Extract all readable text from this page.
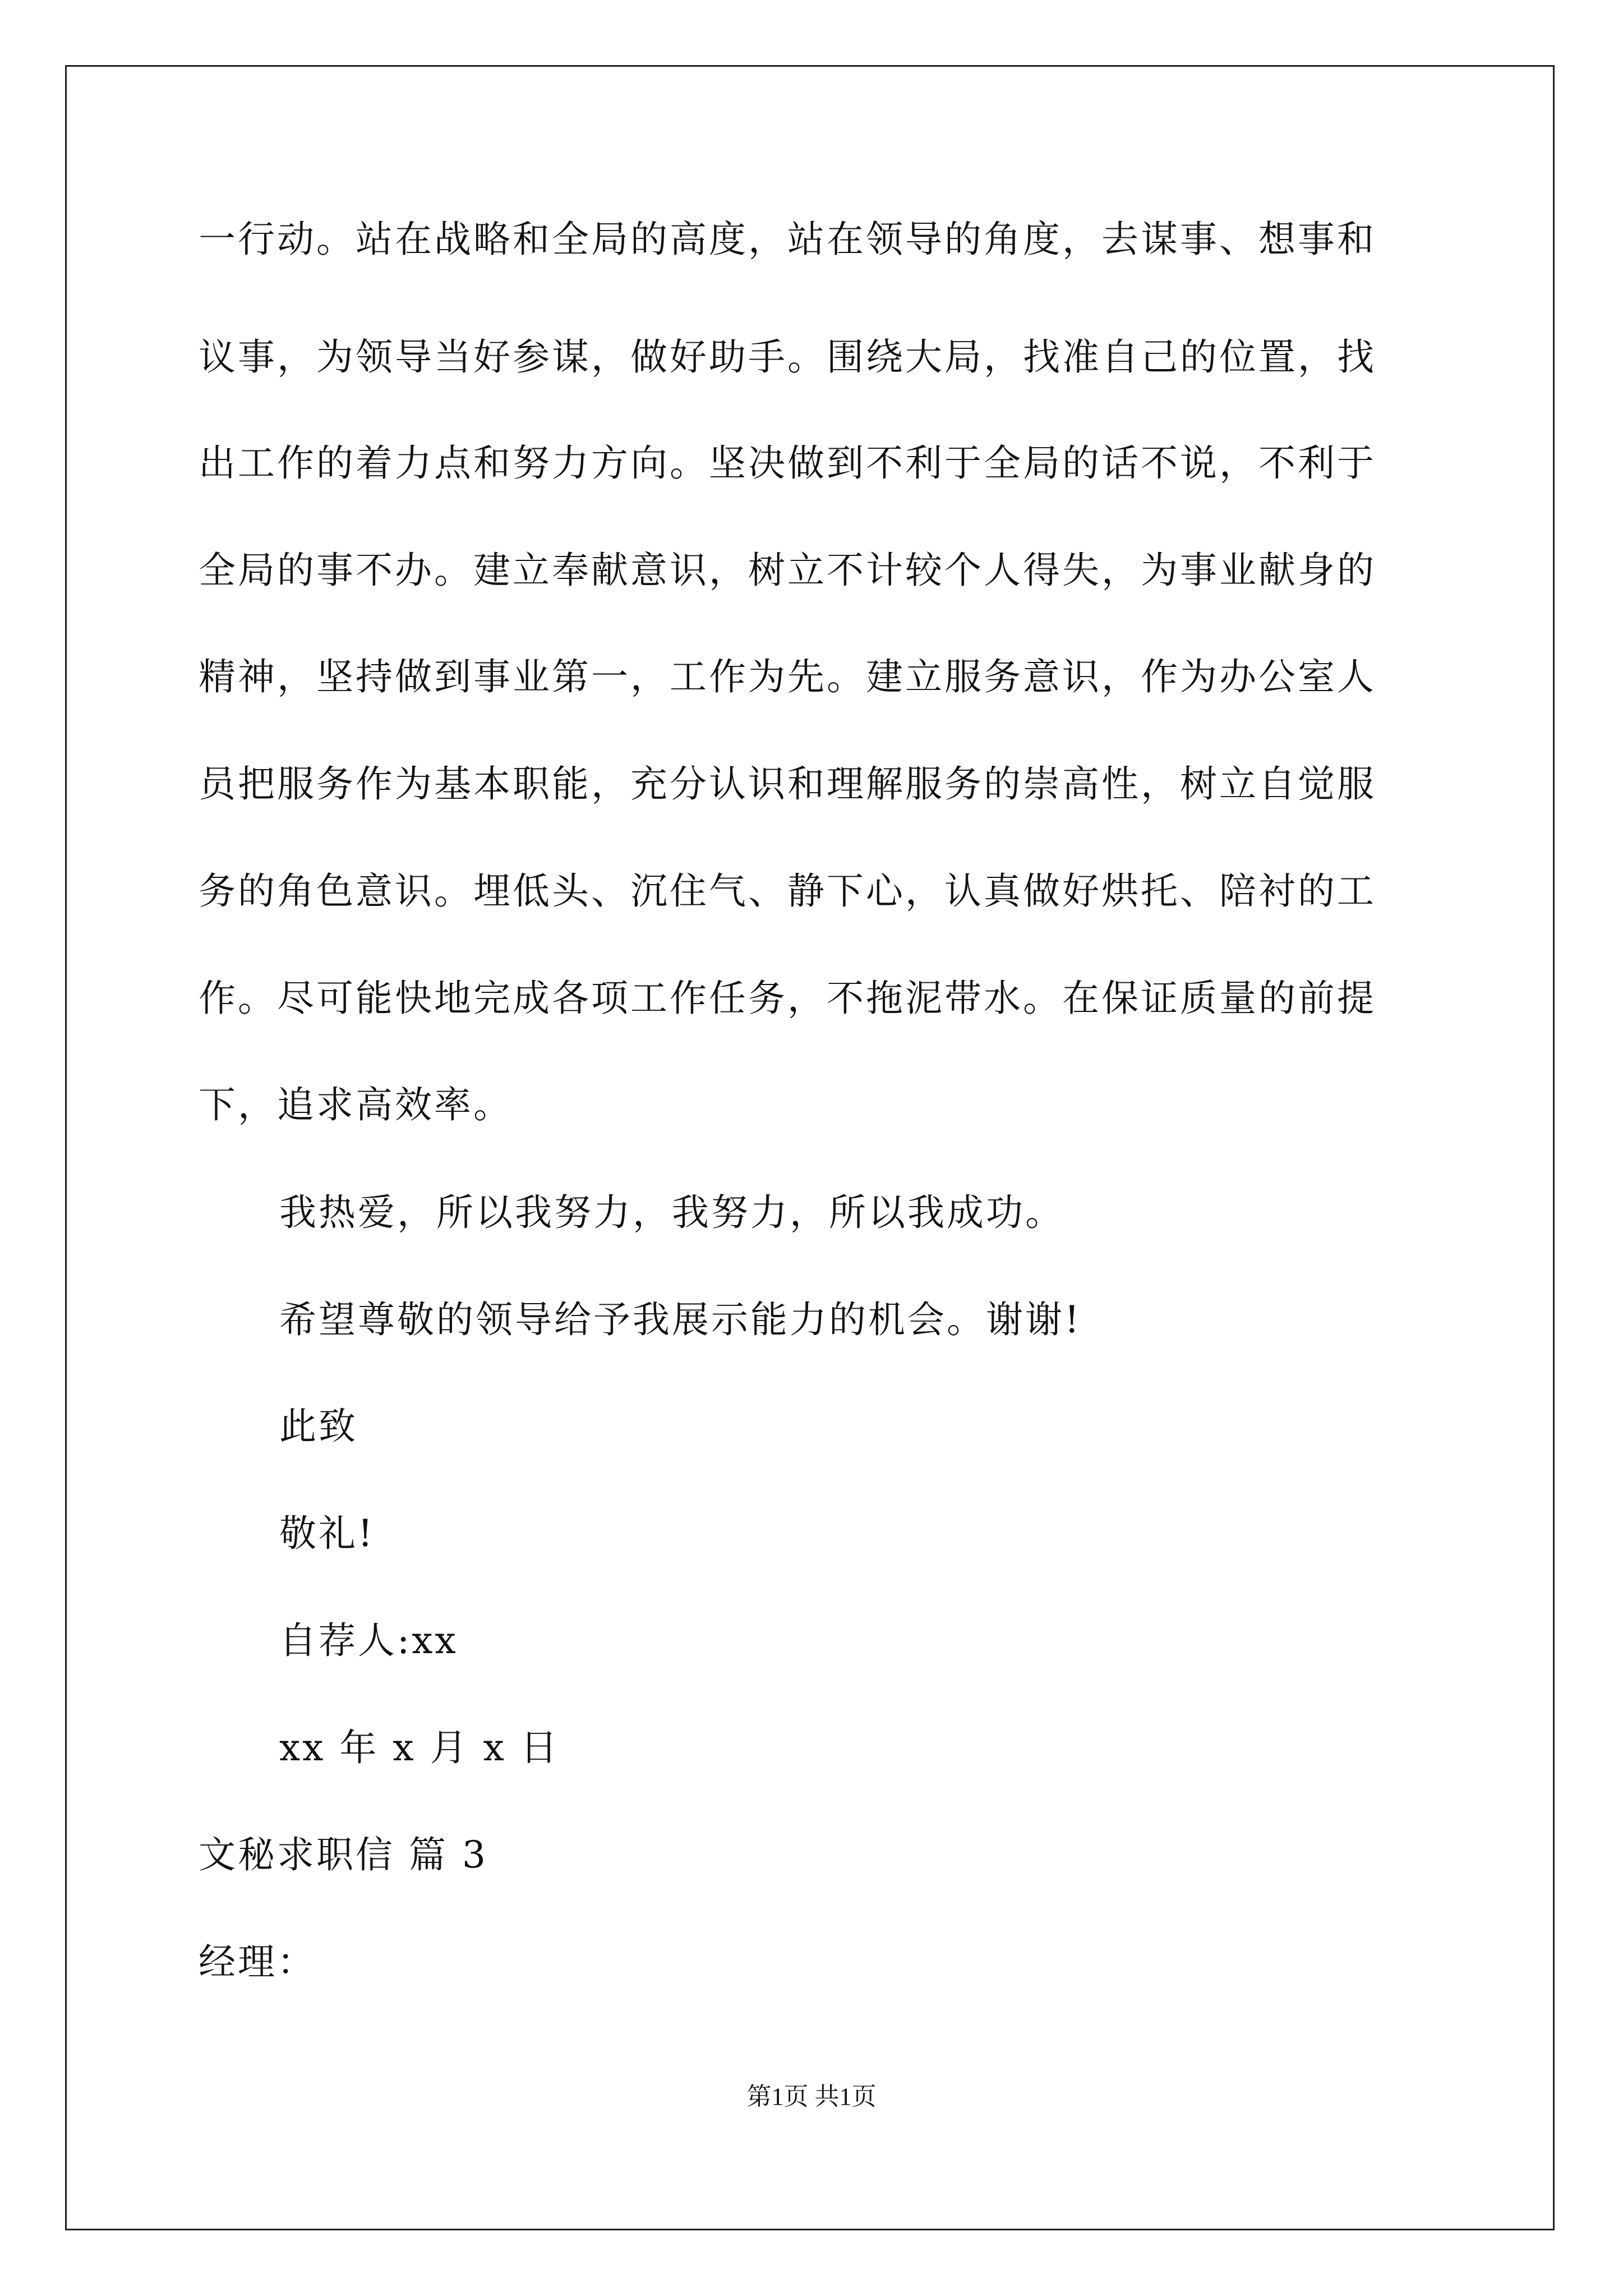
一行动。站在战略和全局的高度，站在领导的角度，去谋事、想事和
议事，为领导当好参谋，做好助手。围绕大局，找准自己的位置，找
出工作的着力点和努力方向。坚决做到不利于全局的话不说，不利于
全局的事不办。建立奉献意识，树立不计较个人得失，为事业献身的
精神，坚持做到事业第一，工作为先。建立服务意识，作为办公室人
员把服务作为基本职能，充分认识和理解服务的崇高性，树立自觉服
务的角色意识。埋低头、沉住气、静下心，认真做好烘托、陪衬的工
作。尽可能快地完成各项工作任务，不拖泥带水。在保证质量的前提
下，追求高效率。
我热爱，所以我努力，我努力，所以我成功。
希望尊敬的领导给予我展示能力的机会。谢谢!
此致
敬礼!
自荐人:xx
xx 年 x 月 x 日
文秘求职信 篇 3
经理：
第1页 共1页
